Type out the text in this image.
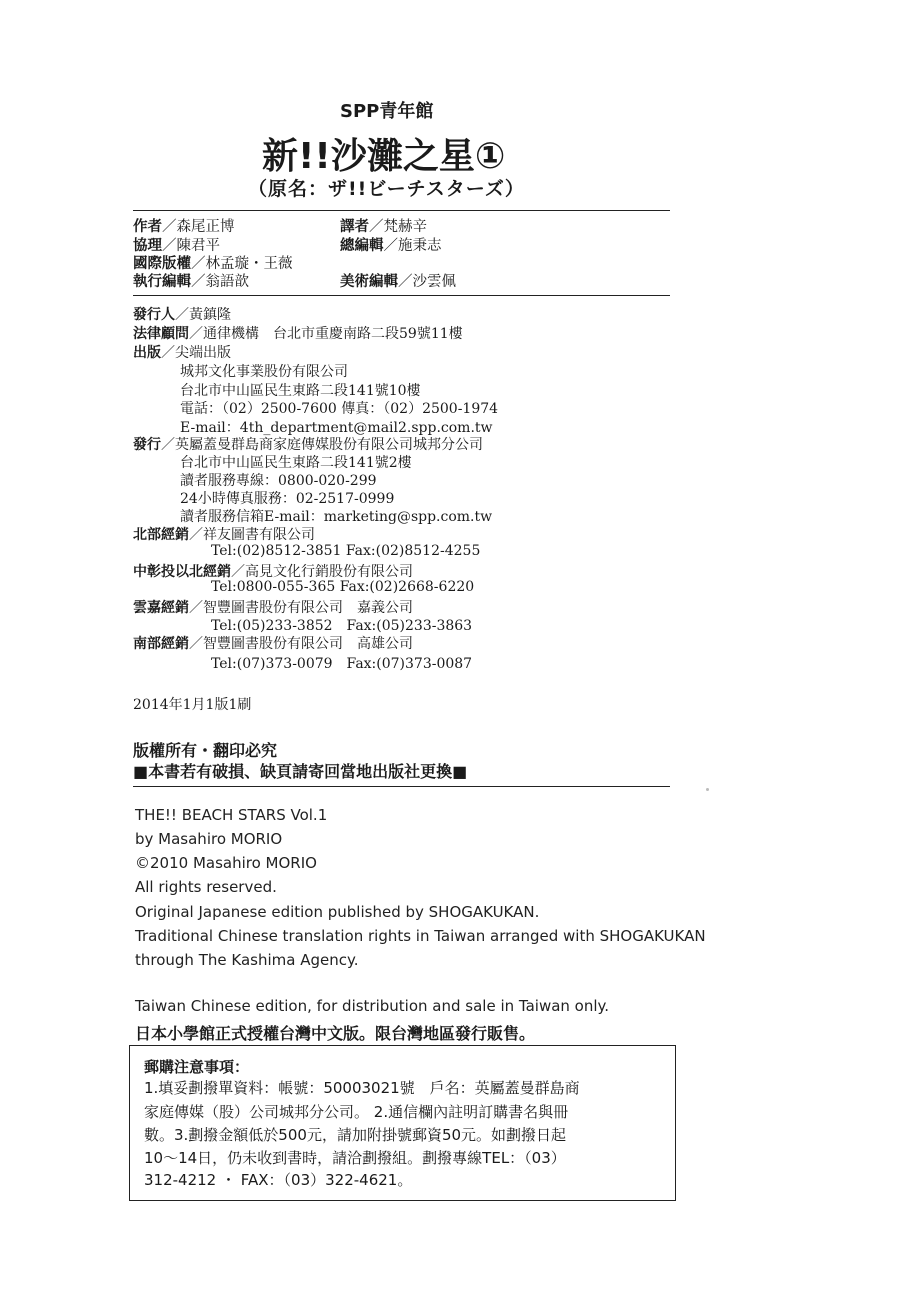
SPP青年館
新!!沙灘之星①
（原名：ザ!!ビーチスターズ）
作者／森尾正博	譯者／梵赫辛
協理／陳君平	總編輯／施秉志
國際版權／林孟璇・王薇
執行編輯／翁語歆	美術編輯／沙雲佩
發行人／黃鎮隆
法律顧問／通律機構　台北市重慶南路二段59號11樓
出版／尖端出版
城邦文化事業股份有限公司
台北市中山區民生東路二段141號10樓
電話：（02）2500-7600 傳真：（02）2500-1974
E-mail：4th_department@mail2.spp.com.tw
發行／英屬蓋曼群島商家庭傳媒股份有限公司城邦分公司
台北市中山區民生東路二段141號2樓
讀者服務專線：0800-020-299
24小時傳真服務：02-2517-0999
讀者服務信箱E-mail：marketing@spp.com.tw
北部經銷／祥友圖書有限公司
Tel:(02)8512-3851 Fax:(02)8512-4255
中彰投以北經銷／高見文化行銷股份有限公司
Tel:0800-055-365 Fax:(02)2668-6220
雲嘉經銷／智豐圖書股份有限公司　嘉義公司
Tel:(05)233-3852　Fax:(05)233-3863
南部經銷／智豐圖書股份有限公司　高雄公司
Tel:(07)373-0079　Fax:(07)373-0087
2014年1月1版1刷
版權所有・翻印必究
■本書若有破損、缺頁請寄回當地出版社更換■
THE!! BEACH STARS Vol.1
by Masahiro MORIO
©2010 Masahiro MORIO
All rights reserved.
Original Japanese edition published by SHOGAKUKAN.
Traditional Chinese translation rights in Taiwan arranged with SHOGAKUKAN
through The Kashima Agency.
Taiwan Chinese edition, for distribution and sale in Taiwan only.
日本小學館正式授權台灣中文版。限台灣地區發行販售。
郵購注意事項：
1.填妥劃撥單資料：帳號：50003021號　戶名：英屬蓋曼群島商
家庭傳媒（股）公司城邦分公司。 2.通信欄內註明訂購書名與冊
數。3.劃撥金額低於500元，請加附掛號郵資50元。如劃撥日起
10～14日，仍未收到書時，請洽劃撥組。劃撥專線TEL：（03）
312-4212 ・ FAX：（03）322-4621。
